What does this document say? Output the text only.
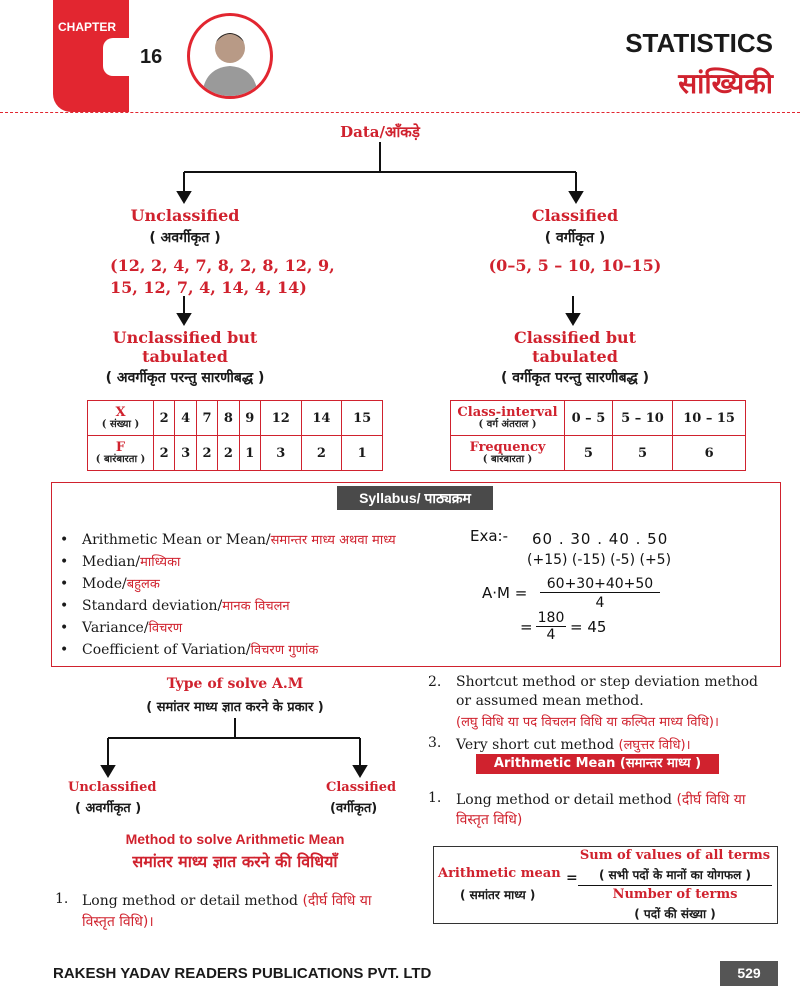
CHAPTER
16	STATISTICS
सांख्यिकी
Data/आँकड़े
Unclassified
( अवर्गीकृत )
(12, 2, 4, 7, 8, 2, 8, 12, 9,
15, 12, 7, 4, 14, 4, 14)
Unclassified but
tabulated
( अवर्गीकृत परन्तु सारणीबद्ध )
Classified
( वर्गीकृत )
(0–5, 5 – 10, 10–15)
Classified but
tabulated
( वर्गीकृत परन्तु सारणीबद्ध )
X
( संख्या )	2	4	7	8	9	12	14	15
F
( बारंबारता )	2	3	2	2	1	3	2	1
Class-interval
( वर्ग अंतराल )	0 – 5	5 – 10	10 – 15
Frequency
( बारंबारता )	5	5	6
Syllabus/ पाठ्यक्रम
• Arithmetic Mean or Mean/समान्तर माध्य अथवा माध्य
• Median/माध्यिका
• Mode/बहुलक
• Standard deviation/मानक विचलन
• Variance/विचरण
• Coefficient of Variation/विचरण गुणांक
Exa:- 60 . 30 . 40 . 50
(+15) (-15) (-5) (+5)
A·M =	60+30+40+50
4
= 180
4 = 45
Type of solve A.M
( समांतर माध्य ज्ञात करने के प्रकार )
Unclassified
( अवर्गीकृत )
Classified
(वर्गीकृत)
Method to solve Arithmetic Mean
समांतर माध्य ज्ञात करने की विधियाँ
1. Long method or detail method (दीर्घ विधि या
विस्तृत विधि)।
2. Shortcut method or step deviation method
or assumed mean method.
(लघु विधि या पद विचलन विधि या कल्पित माध्य विधि)।
3. Very short cut method (लघुत्तर विधि)।
Arithmetic Mean (समान्तर माध्य )
1. Long method or detail method (दीर्घ विधि या
विस्तृत विधि)
Arithmetic mean
( समांतर माध्य )
=
Sum of values of all terms
( सभी पदों के मानों का योगफल )
Number of terms
( पदों की संख्या )
RAKESH YADAV READERS PUBLICATIONS PVT. LTD	529
